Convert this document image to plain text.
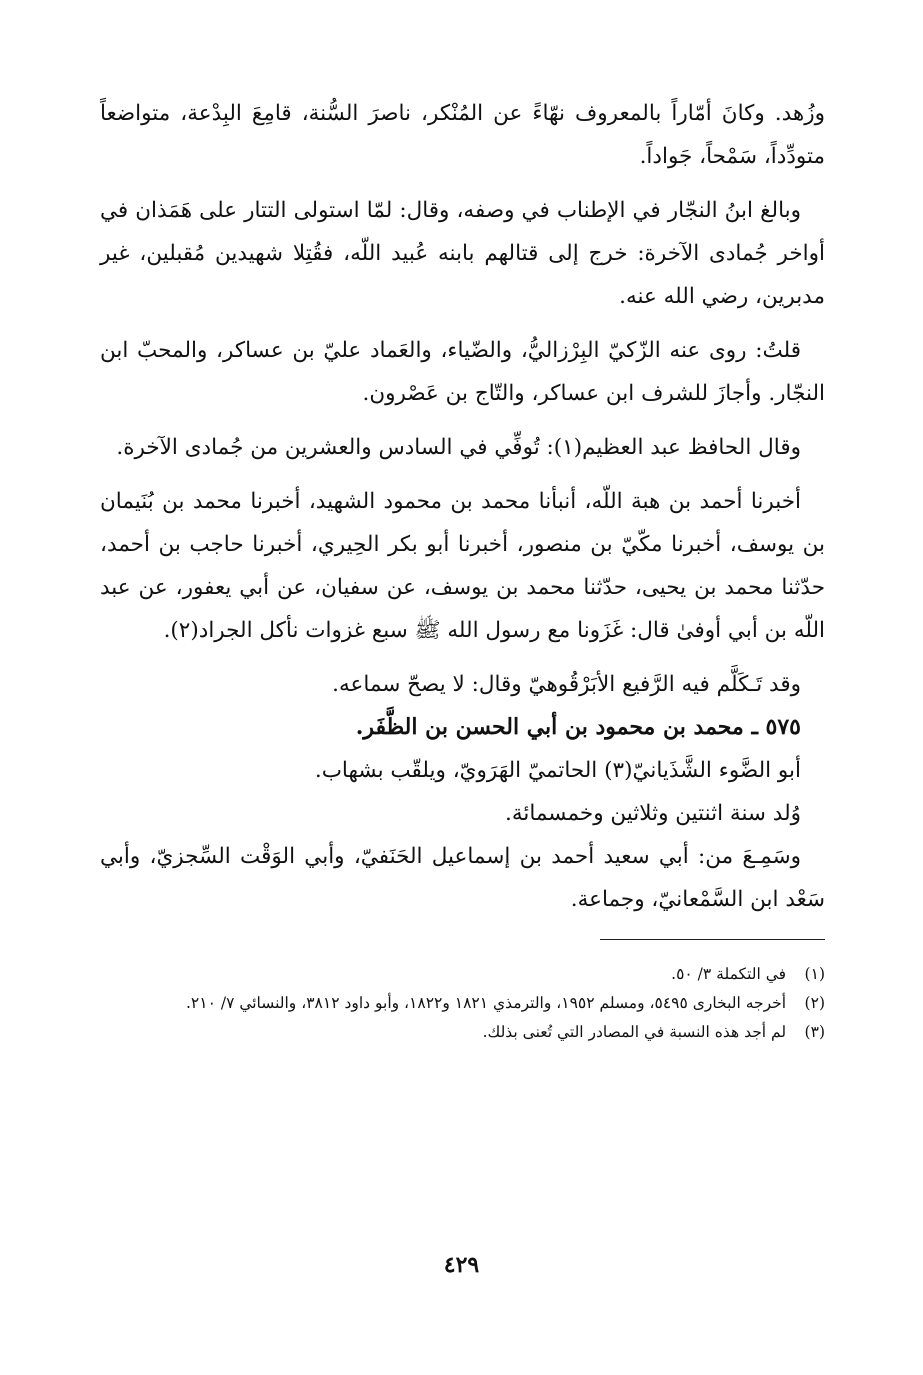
وزُهد. وكانَ أمّاراً بالمعروف نهّاءً عن المُنْكر، ناصرَ السُّنة، قامِعَ البِدْعة، متواضعاً متودِّداً، سَمْحاً، جَواداً.

وبالغ ابنُ النجّار في الإطناب في وصفه، وقال: لمّا استولى التتار على هَمَذان في أواخر جُمادى الآخرة: خرج إلى قتالهم بابنه عُبيد اللّه، فقُتِلا شهيدين مُقبلين، غير مدبرين، رضي الله عنه.

قلتُ: روى عنه الزّكيّ البِرْزاليُّ، والضّياء، والعَماد عليّ بن عساكر، والمحبّ ابن النجّار. وأجازَ للشرف ابن عساكر، والتّاج بن عَصْرون.

وقال الحافظ عبد العظيم(١): تُوفِّي في السادس والعشرين من جُمادى الآخرة.

أخبرنا أحمد بن هبة اللّه، أنبأنا محمد بن محمود الشهيد، أخبرنا محمد بن بُنَيمان بن يوسف، أخبرنا مكّيّ بن منصور، أخبرنا أبو بكر الحِيري، أخبرنا حاجب بن أحمد، حدّثنا محمد بن يحيى، حدّثنا محمد بن يوسف، عن سفيان، عن أبي يعفور، عن عبد اللّه بن أبي أوفىٰ قال: غَزَونا مع رسول الله ﷺ سبع غزوات نأكل الجراد(٢).

وقد تَـكَلَّم فيه الرَّفيع الأبَرْقُوهيّ وقال: لا يصحّ سماعه.

٥٧٥ ـ محمد بن محمود بن أبي الحسن بن الظَّفَر.

أبو الضَّوء الشَّذَيانيّ(٣) الحاتميّ الهَرَويّ، ويلقّب بشهاب.

وُلد سنة اثنتين وثلاثين وخمسمائة.

وسَمِـعَ من: أبي سعيد أحمد بن إسماعيل الحَنَفيّ، وأبي الوَقْت السِّجزيّ، وأبي سَعْد ابن السَّمْعانيّ، وجماعة.

(١) في التكملة ٣/ ٥٠.

(٢) أخرجه البخارى ٥٤٩٥، ومسلم ١٩٥٢، والترمذي ١٨٢١ و١٨٢٢، وأبو داود ٣٨١٢، والنسائي ٧/ ٢١٠.

(٣) لم أجد هذه النسبة في المصادر التي تُعنى بذلك.

٤٢٩
